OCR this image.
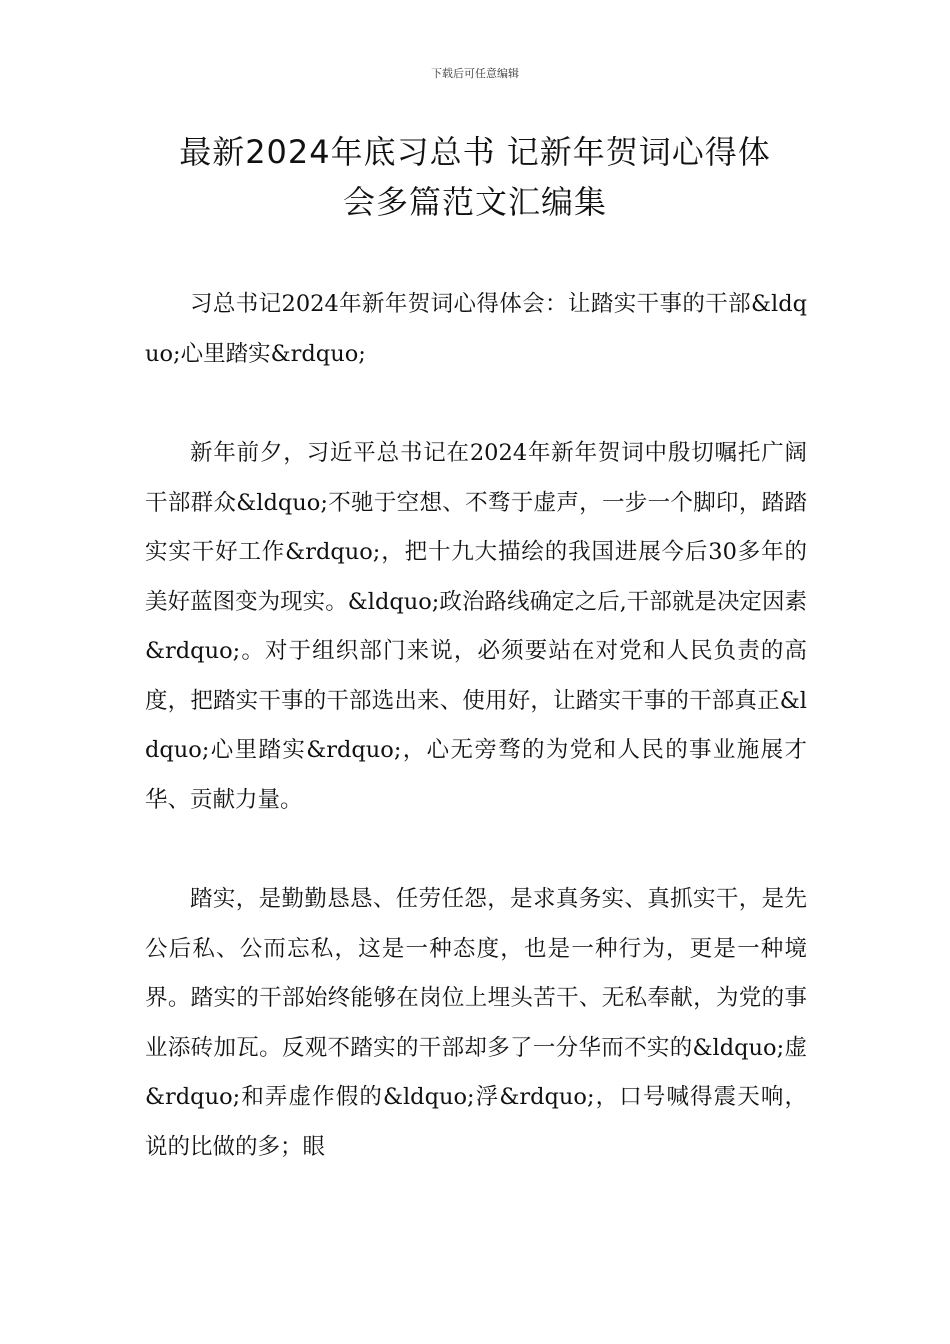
下载后可任意编辑
最新2024年底习总书 记新年贺词心得体
会多篇范文汇编集

习总书记2024年新年贺词心得体会：让踏实干事的干部&ldquo;心里踏实&rdquo;

新年前夕，习近平总书记在2024年新年贺词中殷切嘱托广阔干部群众&ldquo;不驰于空想、不骛于虚声，一步一个脚印，踏踏实实干好工作&rdquo;，把十九大描绘的我国进展今后30多年的美好蓝图变为现实。&ldquo;政治路线确定之后,干部就是决定因素&rdquo;。对于组织部门来说，必须要站在对党和人民负责的高度，把踏实干事的干部选出来、使用好，让踏实干事的干部真正&ldquo;心里踏实&rdquo;，心无旁骛的为党和人民的事业施展才华、贡献力量。

踏实，是勤勤恳恳、任劳任怨，是求真务实、真抓实干，是先公后私、公而忘私，这是一种态度，也是一种行为，更是一种境界。踏实的干部始终能够在岗位上埋头苦干、无私奉献，为党的事业添砖加瓦。反观不踏实的干部却多了一分华而不实的&ldquo;虚&rdquo;和弄虚作假的&ldquo;浮&rdquo;，口号喊得震天响，说的比做的多；眼
